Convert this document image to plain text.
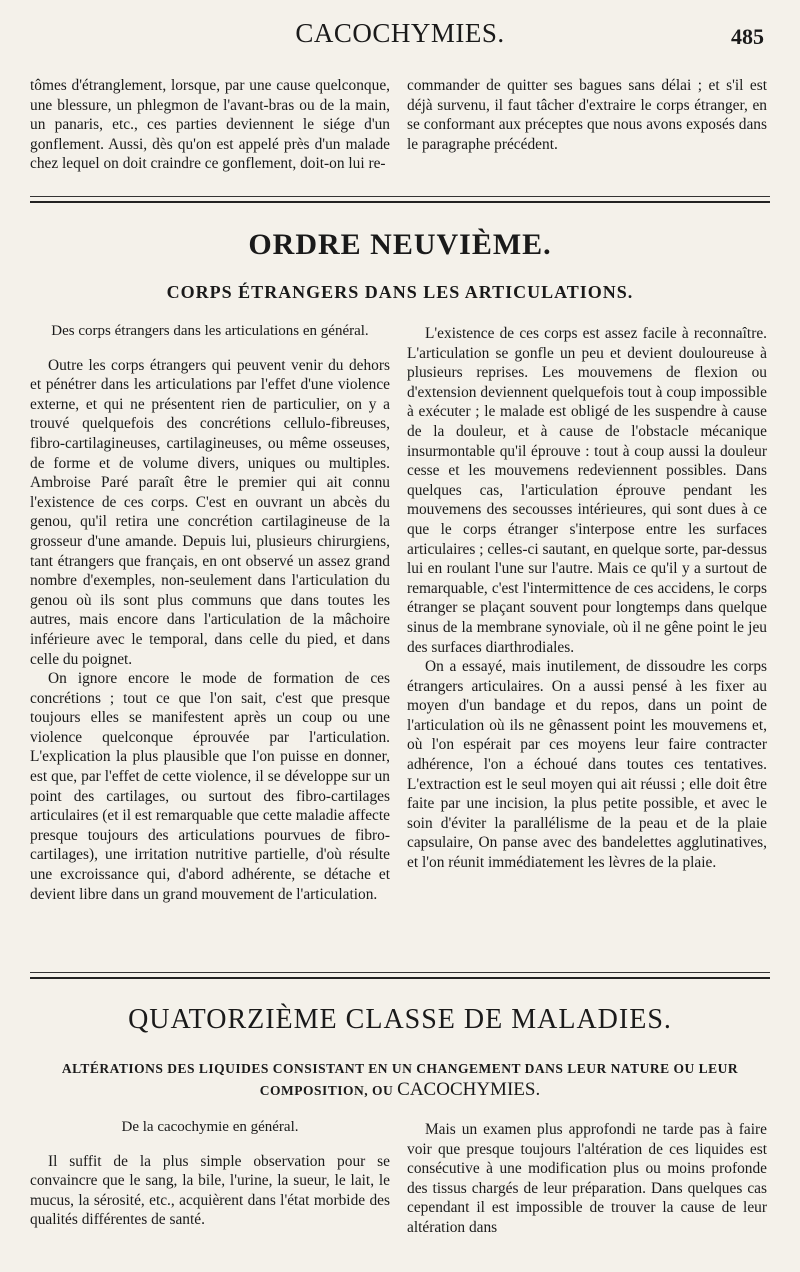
CACOCHYMIES.	485

tômes d'étranglement, lorsque, par une cause quelconque, une blessure, un phlegmon de l'avant-bras ou de la main, un panaris, etc., ces parties deviennent le siége d'un gonflement. Aussi, dès qu'on est appelé près d'un malade chez lequel on doit craindre ce gonflement, doit-on lui re-

commander de quitter ses bagues sans délai ; et s'il est déjà survenu, il faut tâcher d'extraire le corps étranger, en se conformant aux préceptes que nous avons exposés dans le paragraphe précédent.

ORDRE NEUVIÈME.
CORPS ÉTRANGERS DANS LES ARTICULATIONS.

Des corps étrangers dans les articulations en général.

Outre les corps étrangers qui peuvent venir du dehors et pénétrer dans les articulations par l'effet d'une violence externe, et qui ne présentent rien de particulier, on y a trouvé quelquefois des concrétions cellulo-fibreuses, fibro-cartilagineuses, cartilagineuses, ou même osseuses, de forme et de volume divers, uniques ou multiples. Ambroise Paré paraît être le premier qui ait connu l'existence de ces corps. C'est en ouvrant un abcès du genou, qu'il retira une concrétion cartilagineuse de la grosseur d'une amande. Depuis lui, plusieurs chirurgiens, tant étrangers que français, en ont observé un assez grand nombre d'exemples, non-seulement dans l'articulation du genou où ils sont plus communs que dans toutes les autres, mais encore dans l'articulation de la mâchoire inférieure avec le temporal, dans celle du pied, et dans celle du poignet.

On ignore encore le mode de formation de ces concrétions ; tout ce que l'on sait, c'est que presque toujours elles se manifestent après un coup ou une violence quelconque éprouvée par l'articulation. L'explication la plus plausible que l'on puisse en donner, est que, par l'effet de cette violence, il se développe sur un point des cartilages, ou surtout des fibro-cartilages articulaires (et il est remarquable que cette maladie affecte presque toujours des articulations pourvues de fibro-cartilages), une irritation nutritive partielle, d'où résulte une excroissance qui, d'abord adhérente, se détache et devient libre dans un grand mouvement de l'articulation.

L'existence de ces corps est assez facile à reconnaître. L'articulation se gonfle un peu et devient douloureuse à plusieurs reprises. Les mouvemens de flexion ou d'extension deviennent quelquefois tout à coup impossible à exécuter ; le malade est obligé de les suspendre à cause de la douleur, et à cause de l'obstacle mécanique insurmontable qu'il éprouve : tout à coup aussi la douleur cesse et les mouvemens redeviennent possibles. Dans quelques cas, l'articulation éprouve pendant les mouvemens des secousses intérieures, qui sont dues à ce que le corps étranger s'interpose entre les surfaces articulaires ; celles-ci sautant, en quelque sorte, par-dessus lui en roulant l'une sur l'autre. Mais ce qu'il y a surtout de remarquable, c'est l'intermittence de ces accidens, le corps étranger se plaçant souvent pour longtemps dans quelque sinus de la membrane synoviale, où il ne gêne point le jeu des surfaces diarthrodiales.

On a essayé, mais inutilement, de dissoudre les corps étrangers articulaires. On a aussi pensé à les fixer au moyen d'un bandage et du repos, dans un point de l'articulation où ils ne gênassent point les mouvemens et, où l'on espérait par ces moyens leur faire contracter adhérence, l'on a échoué dans toutes ces tentatives. L'extraction est le seul moyen qui ait réussi ; elle doit être faite par une incision, la plus petite possible, et avec le soin d'éviter la parallélisme de la peau et de la plaie capsulaire, On panse avec des bandelettes agglutinatives, et l'on réunit immédiatement les lèvres de la plaie.

QUATORZIÈME CLASSE DE MALADIES.
ALTÉRATIONS DES LIQUIDES CONSISTANT EN UN CHANGEMENT DANS LEUR NATURE OU LEUR
COMPOSITION, OU CACOCHYMIES.

De la cacochymie en général.

Il suffit de la plus simple observation pour se convaincre que le sang, la bile, l'urine, la sueur, le lait, le mucus, la sérosité, etc., acquièrent dans l'état morbide des qualités différentes de santé.

Mais un examen plus approfondi ne tarde pas à faire voir que presque toujours l'altération de ces liquides est consécutive à une modification plus ou moins profonde des tissus chargés de leur préparation. Dans quelques cas cependant il est impossible de trouver la cause de leur altération dans
